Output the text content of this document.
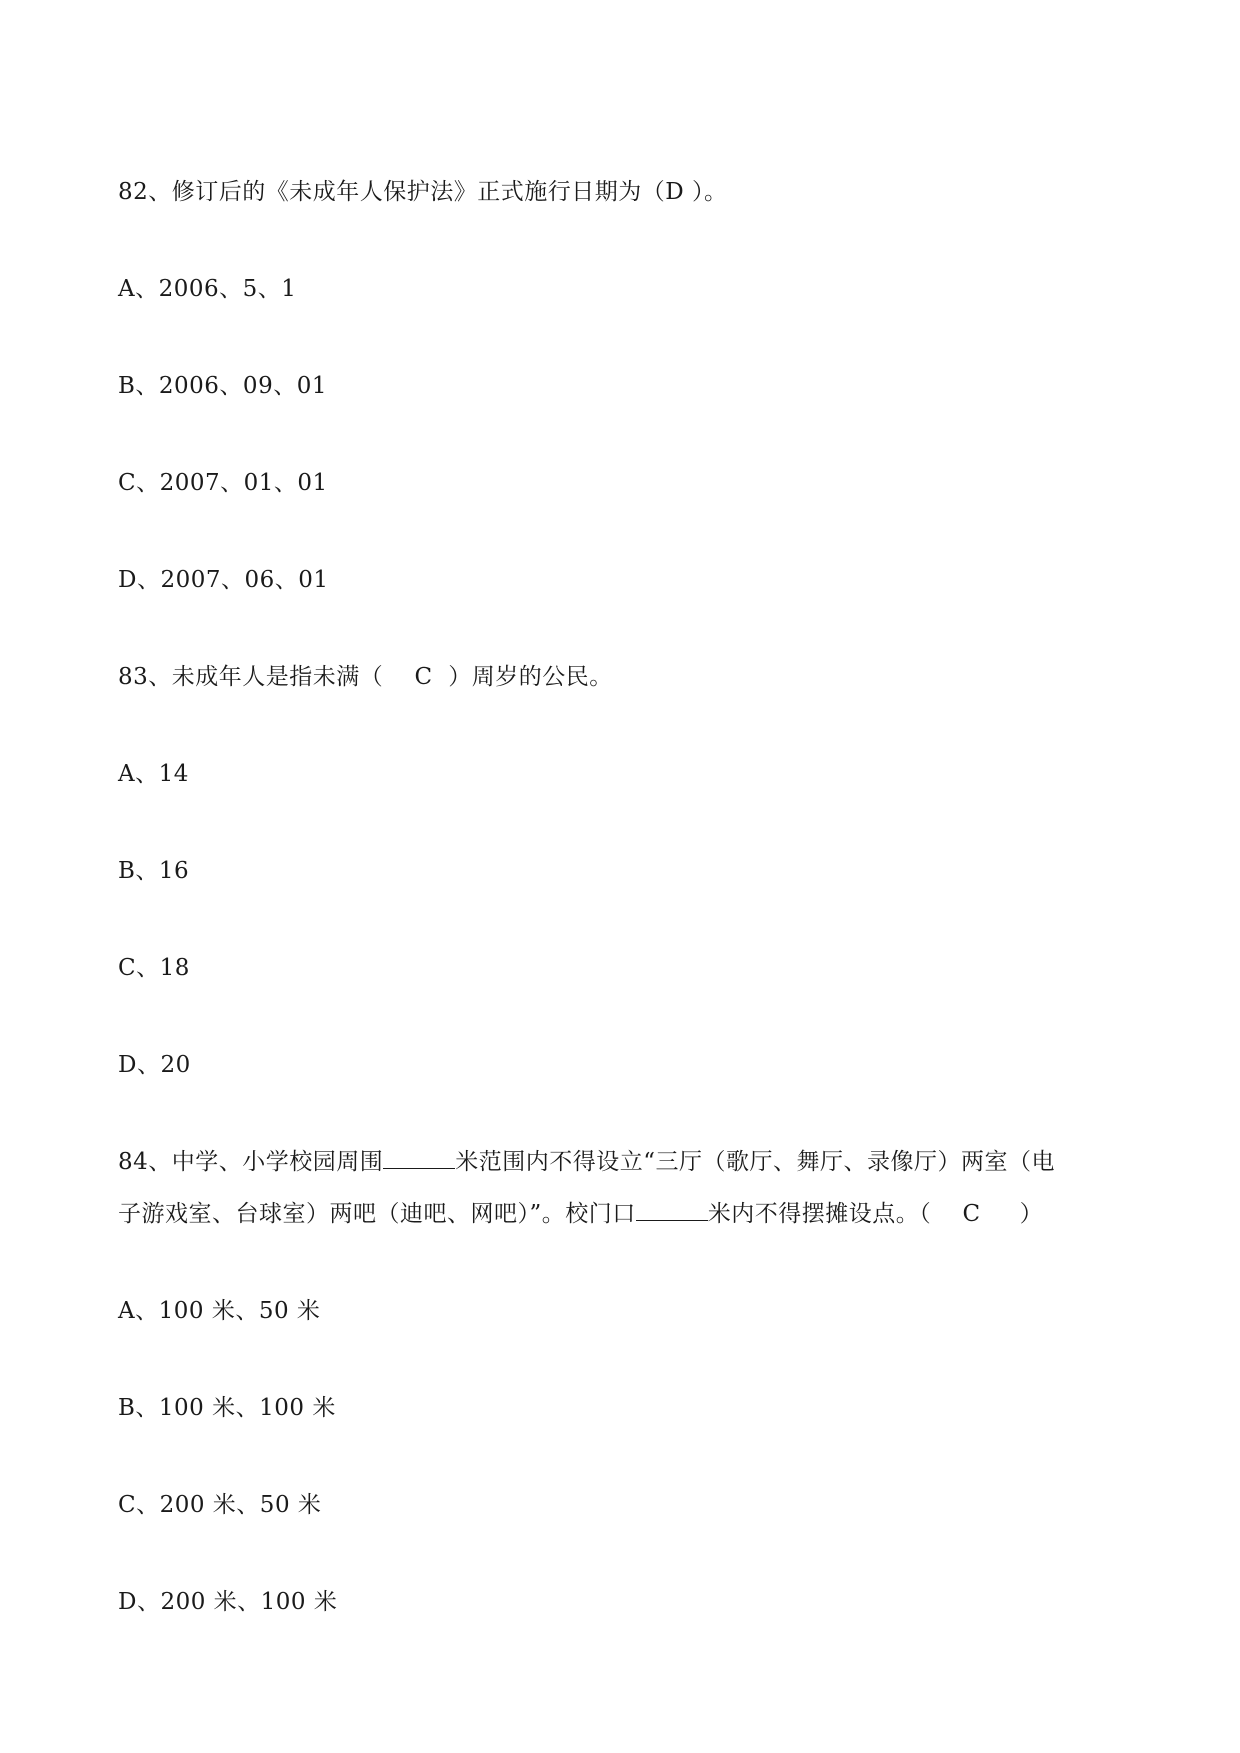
82、修订后的《未成年人保护法》正式施行日期为（D ）。
A、2006、5、1
B、2006、09、01
C、2007、01、01
D、2007、06、01
83、未成年人是指未满（    C  ）周岁的公民。
A、14
B、16
C、18
D、20
84、中学、小学校园周围	米范围内不得设立“三厅（歌厅、舞厅、录像厅）两室（电
子游戏室、台球室）两吧（迪吧、网吧）”。校门口	米内不得摆摊设点。（    C     ）
A、100 米、50 米
B、100 米、100 米
C、200 米、50 米
D、200 米、100 米
